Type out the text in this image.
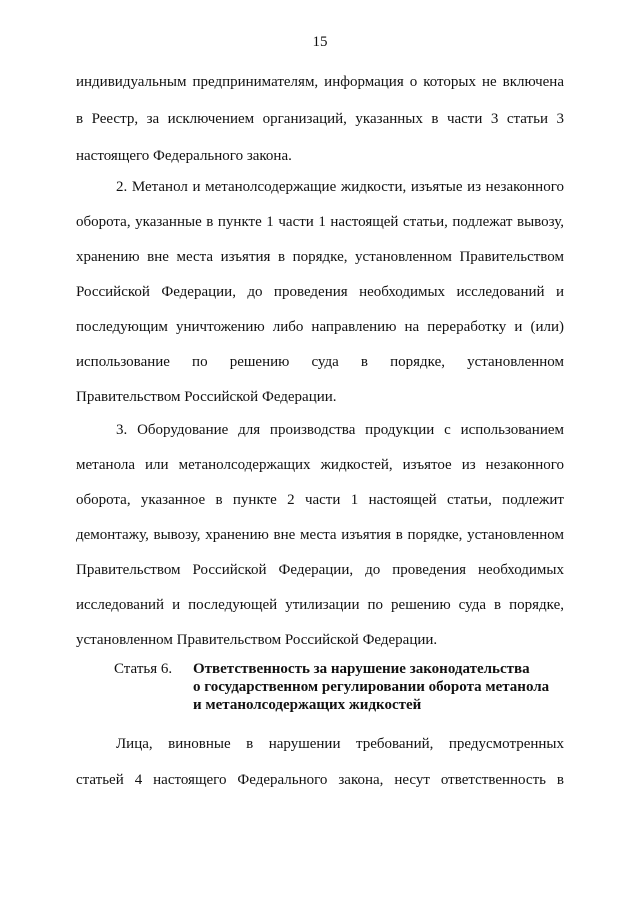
15
индивидуальным предпринимателям, информация о которых не включена
в Реестр, за исключением организаций, указанных в части 3 статьи 3
настоящего Федерального закона.
2. Метанол и метанолсодержащие жидкости, изъятые из незаконного
оборота, указанные в пункте 1 части 1 настоящей статьи, подлежат вывозу,
хранению вне места изъятия в порядке, установленном Правительством
Российской Федерации, до проведения необходимых исследований и
последующим уничтожению либо направлению на переработку и (или)
использование по решению суда в порядке, установленном
Правительством Российской Федерации.
3. Оборудование для производства продукции с использованием
метанола или метанолсодержащих жидкостей, изъятое из незаконного
оборота, указанное в пункте 2 части 1 настоящей статьи, подлежит
демонтажу, вывозу, хранению вне места изъятия в порядке, установленном
Правительством Российской Федерации, до проведения необходимых
исследований и последующей утилизации по решению суда в порядке,
установленном Правительством Российской Федерации.
Статья 6. Ответственность за нарушение законодательства
о государственном регулировании оборота метанола
и метанолсодержащих жидкостей
Лица, виновные в нарушении требований, предусмотренных
статьей 4 настоящего Федерального закона, несут ответственность в
